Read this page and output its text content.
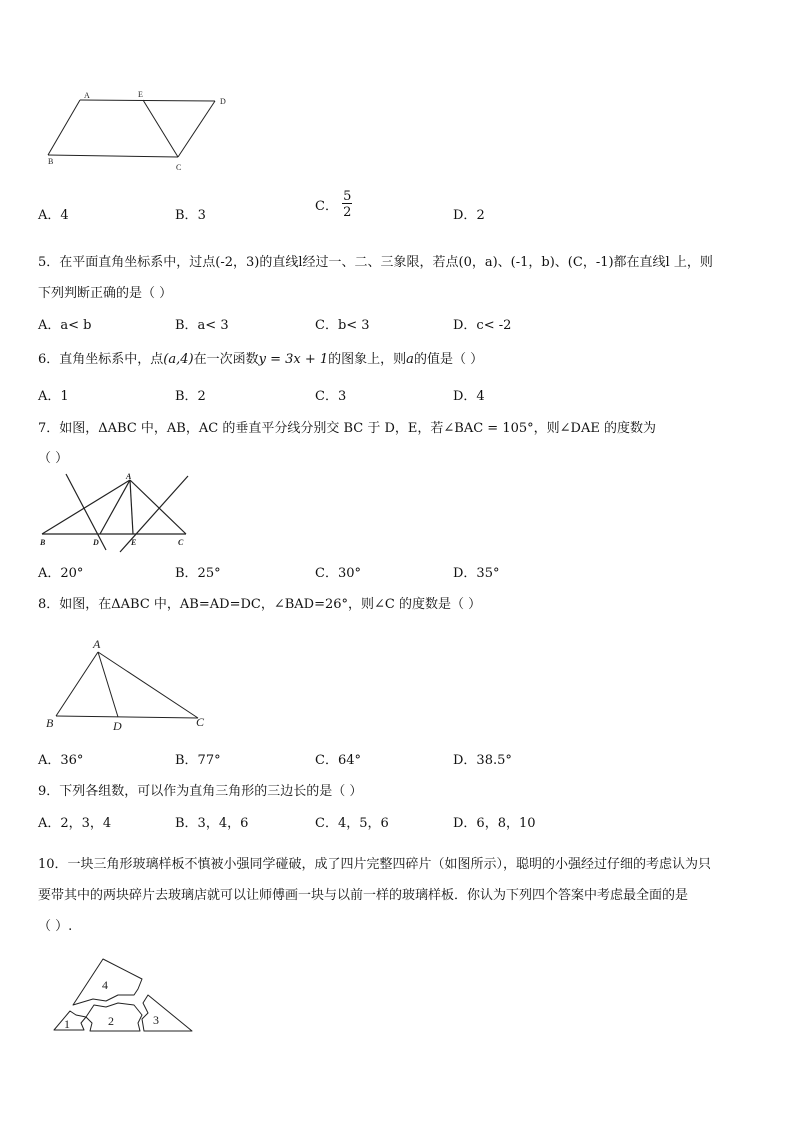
A	E
D
B
C
A．4	B．3
C． $\frac{5}{2}$	D．2
5．在平面直角坐标系中，过点(-2，3)的直线l经过一、二、三象限，若点(0，a)、(-1，b)、(C，-1)都在直线l 上，则
下列判断正确的是（ ）
A．a< b	B．a< 3	C．b< 3	D．c< -2
6．直角坐标系中，点(a,4)在一次函数y = 3x + 1的图象上，则a的值是（ ）
A．1	B．2	C．3	D．4
7．如图，ΔABC 中，AB，AC 的垂直平分线分别交 BC 于 D，E，若∠BAC = 105°，则∠DAE 的度数为
（ ）
A
B	D	E	C
A．20°	B．25°	C．30°	D．35°
8．如图，在ΔABC 中，AB=AD=DC，∠BAD=26°，则∠C 的度数是（ ）
A
B	D	C
A．36°	B．77°	C．64°	D．38.5°
9．下列各组数，可以作为直角三角形的三边长的是（ ）
A．2，3，4	B．3，4，6	C．4，5，6	D．6，8，10
10．一块三角形玻璃样板不慎被小强同学碰破，成了四片完整四碎片（如图所示），聪明的小强经过仔细的考虑认为只
要带其中的两块碎片去玻璃店就可以让师傅画一块与以前一样的玻璃样板．你认为下列四个答案中考虑最全面的是
（ ）.
4
1	2	3
